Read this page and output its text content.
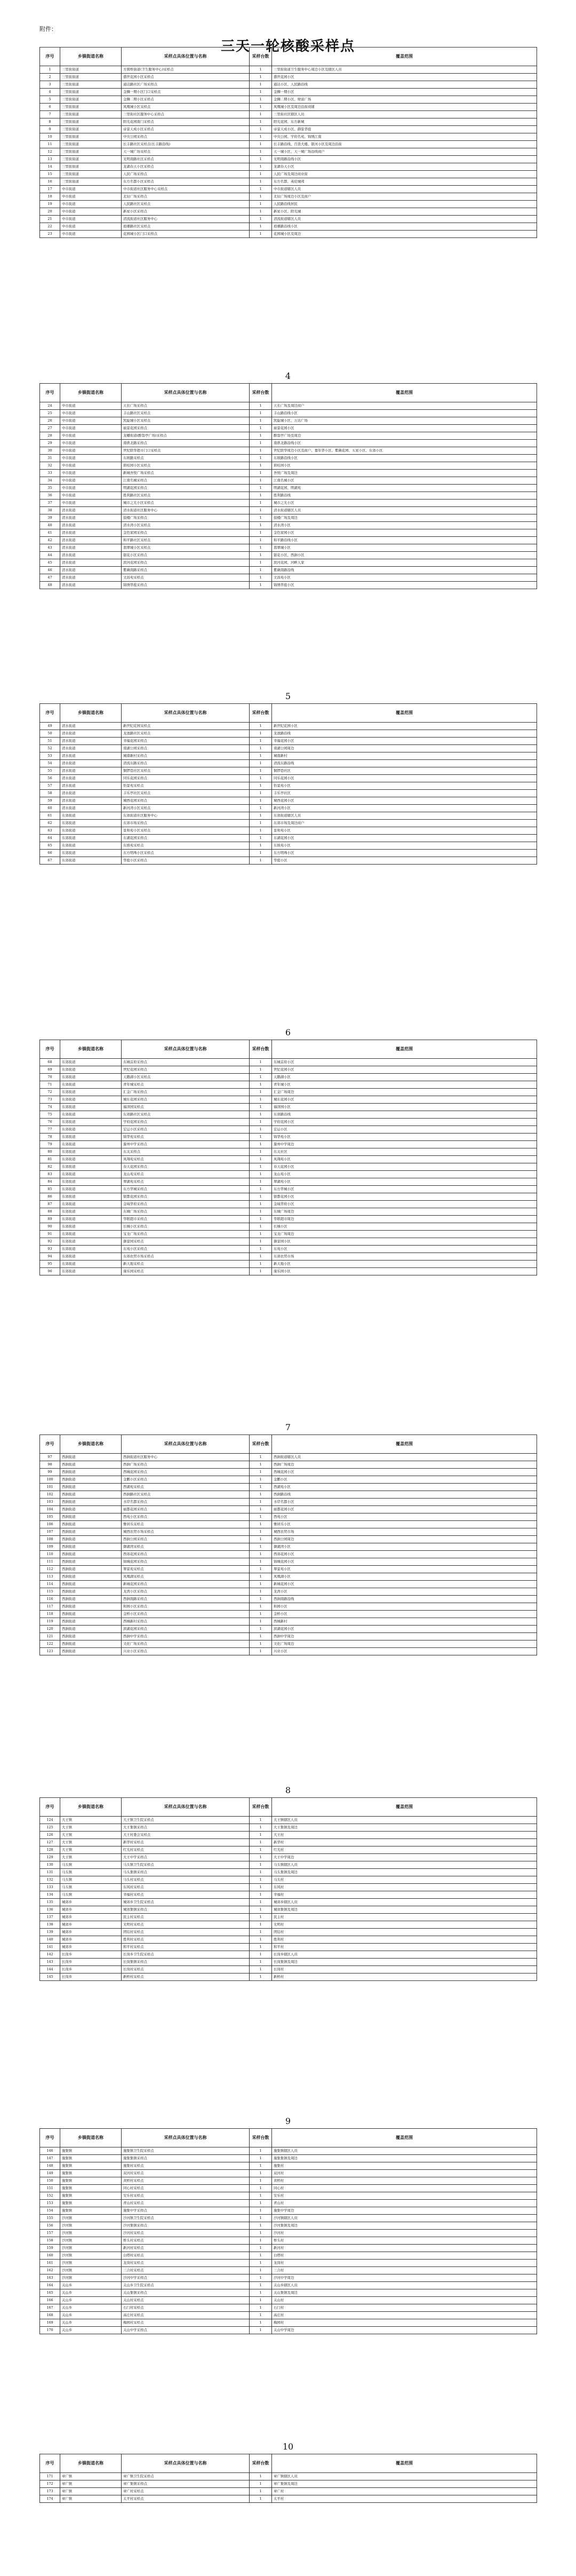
附件：
三天一轮核酸采样点
序号	乡镇街道名称	采样点具体位置与名称	采样台数	覆盖范围
1	三里街街道	方圆桥街道(卫生服务中心)采样点	1	三里街街道卫生服务中心周边小区及辖区人员
2	三里街街道	盛世花园小区采样点	1	盛世花园小区
3	三里街街道	通达路社区广场采样点	1	通达小区、人民路沿线
4	三里街街道	金狮一期小区门口采样点	1	金狮一期小区
5	三里街街道	金狮二期小区采样点	1	金狮二期小区、财富广场
6	三里街街道	凤凰城小区采样点	1	凤凰城小区及周边沿街商铺
7	三里街街道	三里街社区服务中心采样点	1	三里街社区辖区人员
8	三里街街道	阳光花园南门采样点	1	阳光花园、东方新城
9	三里街街道	帝景天成小区采样点	1	帝景天成小区、御景华庭
10	三里街街道	中央公园采样点	1	中央公园、学府名苑、锦绣江南
11	三里街街道	长丰路社区采样点(长丰路沿线)	1	长丰路沿线、百货大楼、银河小区及周边沿街
12	三里街街道	天一城广场采样点	1	天一城小区、天一城广场沿线商户
13	三里街街道	光明南路社区采样点	1	光明南路沿线小区
14	三里街街道	龙湖春天小区采样点	1	龙湖春天小区
15	三里街街道	人民广场采样点	1	人民广场及周边商业街
16	三里街街道	东方名都小区采样点	1	东方名都、英伦城邦
17	中市街道	中市街道社区服务中心采样点	1	中市街道辖区人员
18	中市街道	北辰广场采样点	1	北辰广场周边小区及商户
19	中市街道	人民路社区采样点	1	人民路沿线居民
20	中市街道	新星小区采样点	1	新星小区、阳光城
21	中市街道	清流街道社区服务中心	1	清流街道辖区人员
22	中市街道	琅琊路社区采样点	1	琅琊路沿线小区
23	中市街道	花园城小区门口采样点	1	花园城小区及周边
序号	乡镇街道名称	采样点具体位置与名称	采样台数	覆盖范围
24	中市街道	天长广场采样点	1	天长广场及周边商户
25	中市街道	丰山路社区采样点	1	丰山路沿线小区
26	中市街道	凯旋城小区采样点	1	凯旋城小区、万达广场
27	中市街道	丽景花园采样点	1	丽景花园小区
28	中市街道	龙蟠街道(醉翁亭广场)采样点	1	醉翁亭广场及周边
29	中市街道	南谯北路采样点	1	南谯北路沿线小区
30	中市街道	世纪联华超市门口采样点	1	世纪联华周边小区及商户、嘉年华小区、紫薇花园、五星小区、东郊小区
31	中市街道	东坡路采样点	1	东坡路沿线小区
32	中市街道	碧桂园小区采样点	1	碧桂园小区
33	中市街道	新城吾悦广场采样点	1	吾悦广场及周边
34	中市街道	江南名城采样点	1	江南名城小区
35	中市街道	明湖花园采样点	1	明湖花园、明湖苑
36	中市街道	胜利路社区采样点	1	胜利路沿线
37	中市街道	城市之光小区采样点	1	城市之光小区
38	清水街道	清水街道社区服务中心	1	清水街道辖区人员
39	清水街道	鼓楼广场采样点	1	鼓楼广场及周边
40	清水街道	清水湾小区采样点	1	清水湾小区
41	清水街道	金色家园采样点	1	金色家园小区
42	清水街道	和平路社区采样点	1	和平路沿线小区
43	清水街道	翡翠城小区采样点	1	翡翠城小区
44	清水街道	银花小区采样点	1	银花小区、西涧小区
45	清水街道	滨河花园采样点	1	滨河花园、河畔人家
46	清水街道	紫薇南路采样点	1	紫薇南路沿线
47	清水街道	文昌苑采样点	1	文昌苑小区
48	清水街道	锦绣华庭采样点	1	锦绣华庭小区
序号	乡镇街道名称	采样点具体位置与名称	采样台数	覆盖范围
49	清水街道	新世纪花园采样点	1	新世纪花园小区
50	清水街道	龙池路社区采样点	1	龙池路沿线
51	清水街道	幸福花园采样点	1	幸福花园小区
52	清水街道	南湖公园采样点	1	南湖公园周边
53	清水街道	城南新村采样点	1	城南新村
54	清水街道	清流东路采样点	1	清流东路沿线
55	清水街道	铜锣巷社区采样点	1	铜锣巷社区
56	清水街道	同乐花园采样点	1	同乐花园小区
57	清水街道	怡景苑采样点	1	怡景苑小区
58	清水街道	丰乐亭社区采样点	1	丰乐亭社区
59	清水街道	城西花园采样点	1	城西花园小区
60	清水街道	新河湾小区采样点	1	新河湾小区
61	东郊街道	东郊街道社区服务中心	1	东郊街道辖区人员
62	东郊街道	东郊市场采样点	1	东郊市场及周边商户
63	东郊街道	景和苑小区采样点	1	景和苑小区
64	东郊街道	东湖花园采样点	1	东湖花园小区
65	东郊街道	东坡苑采样点	1	东坡苑小区
66	东郊街道	东方明珠小区采样点	1	东方明珠小区
67	东郊街道	华庭小区采样点	1	华庭小区
序号	乡镇街道名称	采样点具体位置与名称	采样台数	覆盖范围
68	东郊街道	东城首府采样点	1	东城首府小区
69	东郊街道	世纪花园采样点	1	世纪花园小区
70	东郊街道	天鹅湖小区采样点	1	天鹅湖小区
71	东郊街道	青年城采样点	1	青年城小区
72	东郊街道	汇金广场采样点	1	汇金广场周边
73	东郊街道	城东花园采样点	1	城东花园小区
74	东郊街道	福泽园采样点	1	福泽园小区
75	东郊街道	东郊路社区采样点	1	东郊路沿线
76	东郊街道	学府花园采样点	1	学府花园小区
77	东郊街道	宏运小区采样点	1	宏运小区
78	东郊街道	锦华苑采样点	1	锦华苑小区
79	东郊街道	滁州中学采样点	1	滁州中学周边
80	东郊街道	东关采样点	1	东关社区
81	东郊街道	凤翔苑采样点	1	凤翔苑小区
82	东郊街道	春天花园采样点	1	春天花园小区
83	东郊街道	龙山苑采样点	1	龙山苑小区
84	东郊街道	翠湖苑采样点	1	翠湖苑小区
85	东郊街道	东方华城采样点	1	东方华城小区
86	东郊街道	银都花园采样点	1	银都花园小区
87	东郊街道	金域华府采样点	1	金域华府小区
88	东郊街道	东城广场采样点	1	东城广场周边
89	东郊街道	华联超市采样点	1	华联超市周边
90	东郊街道	长城小区采样点	1	长城小区
91	东郊街道	宝龙广场采样点	1	宝龙广场周边
92	东郊街道	御景园采样点	1	御景园小区
93	东郊街道	东苑小区采样点	1	东苑小区
94	东郊街道	东郊农贸市场采样点	1	东郊农贸市场
95	东郊街道	新天地采样点	1	新天地小区
96	东郊街道	康乐园采样点	1	康乐园小区
序号	乡镇街道名称	采样点具体位置与名称	采样台数	覆盖范围
97	西涧街道	西涧街道社区服务中心	1	西涧街道辖区人员
98	西涧街道	西涧广场采样点	1	西涧广场周边
99	西涧街道	西城花园采样点	1	西城花园小区
100	西涧街道	金鹏小区采样点	1	金鹏小区
101	西涧街道	西湖苑采样点	1	西湖苑小区
102	西涧街道	西涧路社区采样点	1	西涧路沿线
103	西涧街道	水岸名都采样点	1	水岸名都小区
104	西涧街道	丽都花园采样点	1	丽都花园小区
105	西涧街道	西苑小区采样点	1	西苑小区
106	西涧街道	雅居乐采样点	1	雅居乐小区
107	西涧街道	城西农贸市场采样点	1	城西农贸市场
108	西涧街道	西涧公园采样点	1	西涧公园周边
109	西涧街道	御湖湾采样点	1	御湖湾小区
110	西涧街道	西郊花园采样点	1	西郊花园小区
111	西涧街道	锦城花园采样点	1	锦城花园小区
112	西涧街道	翠景苑采样点	1	翠景苑小区
113	西涧街道	凤凰湖采样点	1	凤凰湖小区
114	西涧街道	新城花园采样点	1	新城花园小区
115	西涧街道	龙湾小区采样点	1	龙湾小区
116	西涧街道	西涧南路采样点	1	西涧南路沿线
117	西涧街道	和园小区采样点	1	和园小区
118	西涧街道	金桥小区采样点	1	金桥小区
119	西涧街道	西城新村采样点	1	西城新村
120	西涧街道	滨湖花园采样点	1	滨湖花园小区
121	西涧街道	西涧中学采样点	1	西涧中学周边
122	西涧街道	文化广场采样点	1	文化广场周边
123	西涧街道	兴业小区采样点	1	兴业小区
序号	乡镇街道名称	采样点具体位置与名称	采样台数	覆盖范围
124	大王镇	大王镇卫生院采样点	1	大王镇辖区人员
125	大王镇	大王集镇采样点	1	大王集镇及周边
126	大王镇	大王村委会采样点	1	大王村
127	大王镇	新华村采样点	1	新华村
128	大王镇	红光村采样点	1	红光村
129	大王镇	大王中学采样点	1	大王中学周边
130	马头镇	马头镇卫生院采样点	1	马头镇辖区人员
131	马头镇	马头集镇采样点	1	马头集镇及周边
132	马头镇	马头村采样点	1	马头村
133	马头镇	东风村采样点	1	东风村
134	马头镇	幸福村采样点	1	幸福村
135	城郊乡	城郊乡卫生院采样点	1	城郊乡辖区人员
136	城郊乡	城郊集镇采样点	1	城郊集镇及周边
137	城郊乡	民主村采样点	1	民主村
138	城郊乡	光明村采样点	1	光明村
139	城郊乡	团结村采样点	1	团结村
140	城郊乡	胜利村采样点	1	胜利村
141	城郊乡	和平村采样点	1	和平村
142	长岗乡	长岗乡卫生院采样点	1	长岗乡辖区人员
143	长岗乡	长岗集镇采样点	1	长岗集镇及周边
144	长岗乡	长岗村采样点	1	长岗村
145	长岗乡	新桥村采样点	1	新桥村
序号	乡镇街道名称	采样点具体位置与名称	采样台数	覆盖范围
146	施集镇	施集镇卫生院采样点	1	施集镇辖区人员
147	施集镇	施集集镇采样点	1	施集集镇及周边
148	施集镇	施集村采样点	1	施集村
149	施集镇	双河村采样点	1	双河村
150	施集镇	黄桥村采样点	1	黄桥村
151	施集镇	同心村采样点	1	同心村
152	施集镇	安乐村采样点	1	安乐村
153	施集镇	青山村采样点	1	青山村
154	施集镇	施集中学采样点	1	施集中学周边
155	沙河镇	沙河镇卫生院采样点	1	沙河镇辖区人员
156	沙河镇	沙河集镇采样点	1	沙河集镇及周边
157	沙河镇	沙河村采样点	1	沙河村
158	沙河镇	桥头村采样点	1	桥头村
159	沙河镇	新河村采样点	1	新河村
160	沙河镇	白塔村采样点	1	白塔村
161	沙河镇	龙岗村采样点	1	龙岗村
162	沙河镇	三合村采样点	1	三合村
163	沙河镇	沙河中学采样点	1	沙河中学周边
164	关山乡	关山乡卫生院采样点	1	关山乡辖区人员
165	关山乡	关山集镇采样点	1	关山集镇及周边
166	关山乡	关山村采样点	1	关山村
167	关山乡	石门村采样点	1	石门村
168	关山乡	高庄村采样点	1	高庄村
169	关山乡	梅园村采样点	1	梅园村
170	关山乡	关山中学采样点	1	关山中学周边
序号	乡镇街道名称	采样点具体位置与名称	采样台数	覆盖范围
171	章广镇	章广镇卫生院采样点	1	章广镇辖区人员
172	章广镇	章广集镇采样点	1	章广集镇及周边
173	章广镇	章广村采样点	1	章广村
174	章广镇	太平村采样点	1	太平村
4
5
6
7
8
9
10
